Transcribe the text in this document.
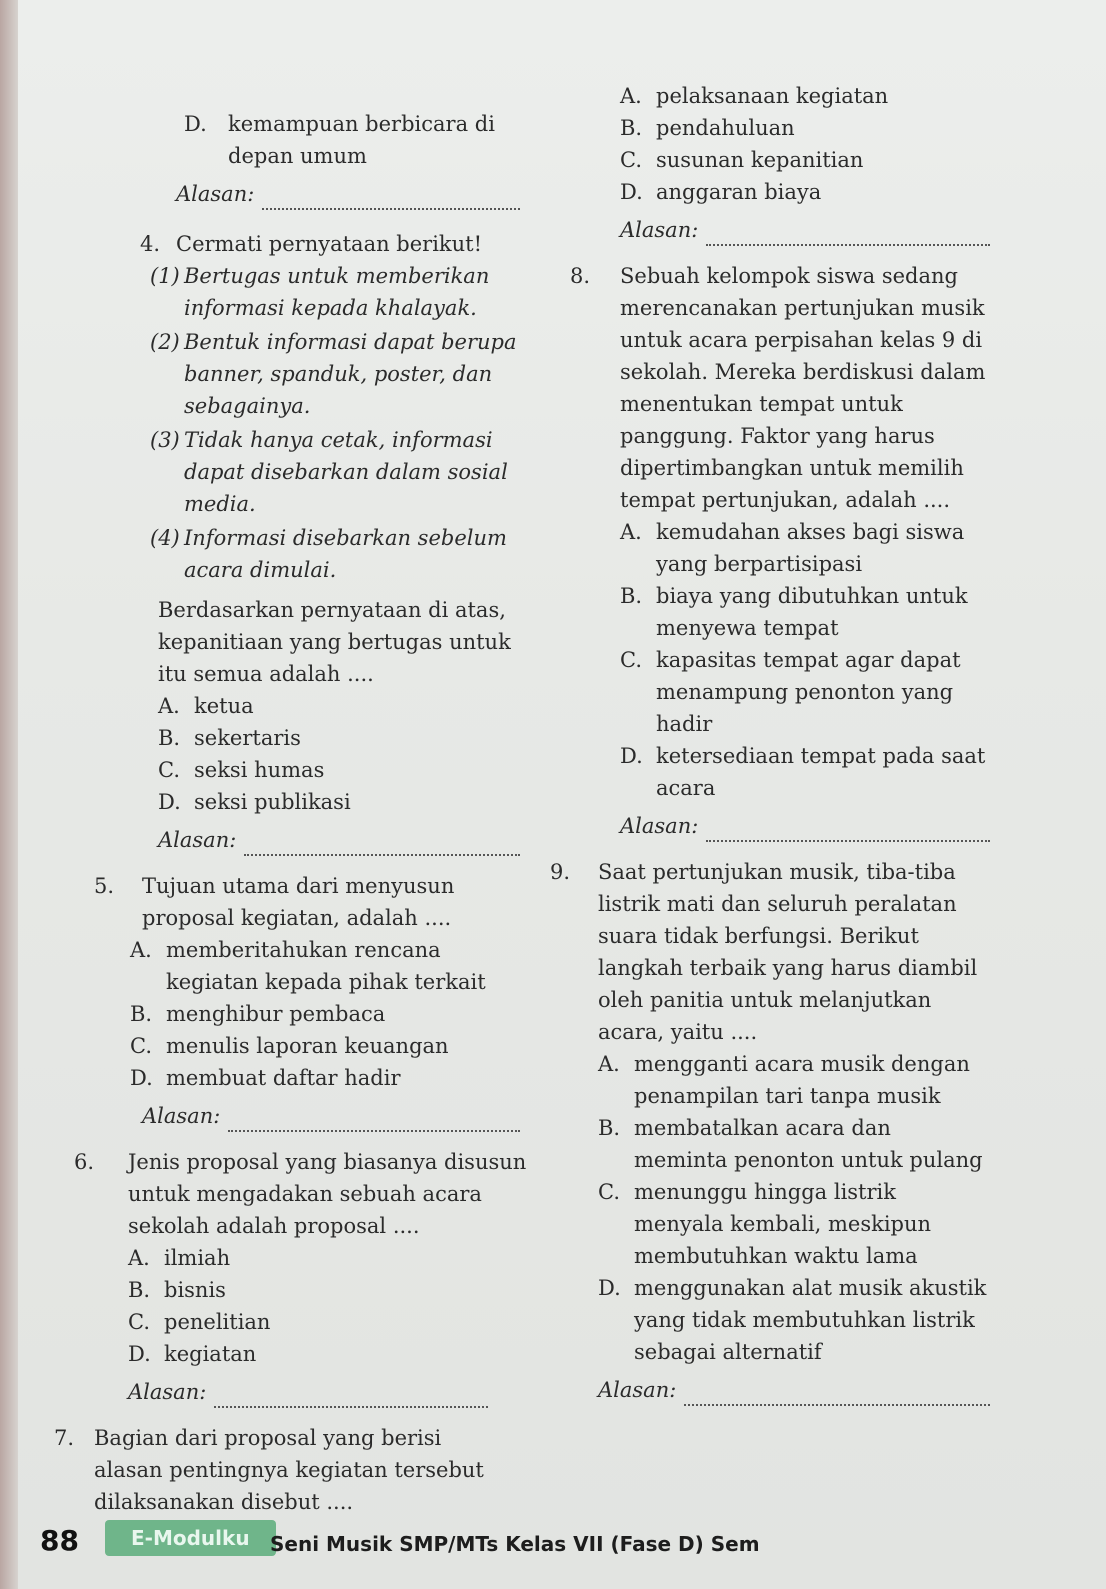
D.	kemampuan berbicara di depan umum
Alasan:
4. Cermati pernyataan berikut!
(1) Bertugas untuk memberikan informasi kepada khalayak.
(2) Bentuk informasi dapat berupa banner, spanduk, poster, dan sebagainya.
(3) Tidak hanya cetak, informasi dapat disebarkan dalam sosial media.
(4) Informasi disebarkan sebelum acara dimulai.
Berdasarkan pernyataan di atas, kepanitiaan yang bertugas untuk itu semua adalah ....
A. ketua
B. sekertaris
C. seksi humas
D. seksi publikasi
Alasan:
5.	Tujuan utama dari menyusun proposal kegiatan, adalah ....
A. memberitahukan rencana kegiatan kepada pihak terkait
B. menghibur pembaca
C. menulis laporan keuangan
D. membuat daftar hadir
Alasan:
6.	Jenis proposal yang biasanya disusun untuk mengadakan sebuah acara sekolah adalah proposal ....
A. ilmiah
B. bisnis
C. penelitian
D. kegiatan
Alasan:
7. Bagian dari proposal yang berisi alasan pentingnya kegiatan tersebut dilaksanakan disebut ....
A. pelaksanaan kegiatan
B. pendahuluan
C. susunan kepanitian
D. anggaran biaya
Alasan:
8.	Sebuah kelompok siswa sedang merencanakan pertunjukan musik untuk acara perpisahan kelas 9 di sekolah. Mereka berdiskusi dalam menentukan tempat untuk panggung. Faktor yang harus dipertimbangkan untuk memilih tempat pertunjukan, adalah ....
A. kemudahan akses bagi siswa yang berpartisipasi
B. biaya yang dibutuhkan untuk menyewa tempat
C. kapasitas tempat agar dapat menampung penonton yang hadir
D. ketersediaan tempat pada saat acara
Alasan:
9.	Saat pertunjukan musik, tiba-tiba listrik mati dan seluruh peralatan suara tidak berfungsi. Berikut langkah terbaik yang harus diambil oleh panitia untuk melanjutkan acara, yaitu ....
A. mengganti acara musik dengan penampilan tari tanpa musik
B. membatalkan acara dan meminta penonton untuk pulang
C. menunggu hingga listrik menyala kembali, meskipun membutuhkan waktu lama
D. menggunakan alat musik akustik yang tidak membutuhkan listrik sebagai alternatif
Alasan:
88	E-Modulku	Seni Musik SMP/MTs Kelas VII (Fase D) Sem
